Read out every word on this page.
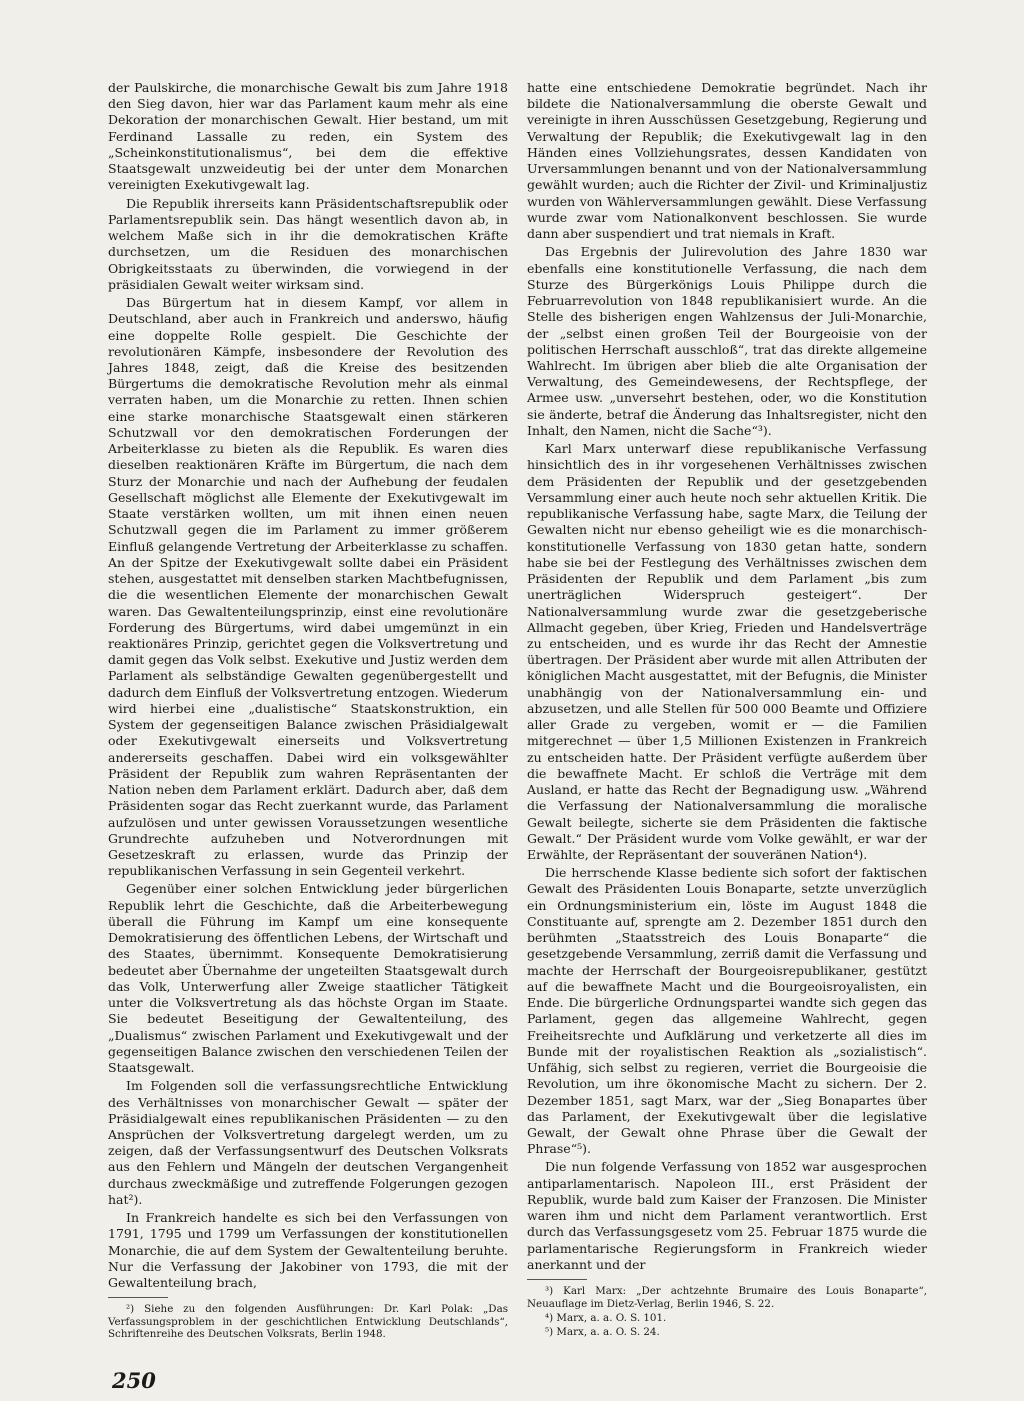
der Paulskirche, die monarchische Gewalt bis zum Jahre 1918 den Sieg davon, hier war das Parlament kaum mehr als eine Dekoration der monarchischen Gewalt. Hier bestand, um mit Ferdinand Lassalle zu reden, ein System des „Scheinkonstitutionalismus“, bei dem die effektive Staatsgewalt unzweideutig bei der unter dem Monarchen vereinigten Exekutivgewalt lag.

Die Republik ihrerseits kann Präsidentschaftsrepublik oder Parlamentsrepublik sein. Das hängt wesentlich davon ab, in welchem Maße sich in ihr die demokratischen Kräfte durchsetzen, um die Residuen des monarchischen Obrigkeitsstaats zu überwinden, die vorwiegend in der präsidialen Gewalt weiter wirksam sind.

Das Bürgertum hat in diesem Kampf, vor allem in Deutschland, aber auch in Frankreich und anderswo, häufig eine doppelte Rolle gespielt. Die Geschichte der revolutionären Kämpfe, insbesondere der Revolution des Jahres 1848, zeigt, daß die Kreise des besitzenden Bürgertums die demokratische Revolution mehr als einmal verraten haben, um die Monarchie zu retten. Ihnen schien eine starke monarchische Staatsgewalt einen stärkeren Schutzwall vor den demokratischen Forderungen der Arbeiterklasse zu bieten als die Republik. Es waren dies dieselben reaktionären Kräfte im Bürgertum, die nach dem Sturz der Monarchie und nach der Aufhebung der feudalen Gesellschaft möglichst alle Elemente der Exekutivgewalt im Staate verstärken wollten, um mit ihnen einen neuen Schutzwall gegen die im Parlament zu immer größerem Einfluß gelangende Vertretung der Arbeiterklasse zu schaffen. An der Spitze der Exekutivgewalt sollte dabei ein Präsident stehen, ausgestattet mit denselben starken Machtbefugnissen, die die wesentlichen Elemente der monarchischen Gewalt waren. Das Gewaltenteilungsprinzip, einst eine revolutionäre Forderung des Bürgertums, wird dabei umgemünzt in ein reaktionäres Prinzip, gerichtet gegen die Volksvertretung und damit gegen das Volk selbst. Exekutive und Justiz werden dem Parlament als selbständige Gewalten gegenübergestellt und dadurch dem Einfluß der Volksvertretung entzogen. Wiederum wird hierbei eine „dualistische“ Staatskonstruktion, ein System der gegenseitigen Balance zwischen Präsidialgewalt oder Exekutivgewalt einerseits und Volksvertretung andererseits geschaffen. Dabei wird ein volksgewählter Präsident der Republik zum wahren Repräsentanten der Nation neben dem Parlament erklärt. Dadurch aber, daß dem Präsidenten sogar das Recht zuerkannt wurde, das Parlament aufzulösen und unter gewissen Voraussetzungen wesentliche Grundrechte aufzuheben und Notverordnungen mit Gesetzeskraft zu erlassen, wurde das Prinzip der republikanischen Verfassung in sein Gegenteil verkehrt.

Gegenüber einer solchen Entwicklung jeder bürgerlichen Republik lehrt die Geschichte, daß die Arbeiterbewegung überall die Führung im Kampf um eine konsequente Demokratisierung des öffentlichen Lebens, der Wirtschaft und des Staates, übernimmt. Konsequente Demokratisierung bedeutet aber Übernahme der ungeteilten Staatsgewalt durch das Volk, Unterwerfung aller Zweige staatlicher Tätigkeit unter die Volksvertretung als das höchste Organ im Staate. Sie bedeutet Beseitigung der Gewaltenteilung, des „Dualismus“ zwischen Parlament und Exekutivgewalt und der gegenseitigen Balance zwischen den verschiedenen Teilen der Staatsgewalt.

Im Folgenden soll die verfassungsrechtliche Entwicklung des Verhältnisses von monarchischer Gewalt — später der Präsidialgewalt eines republikanischen Präsidenten — zu den Ansprüchen der Volksvertretung dargelegt werden, um zu zeigen, daß der Verfassungsentwurf des Deutschen Volksrats aus den Fehlern und Mängeln der deutschen Vergangenheit durchaus zweckmäßige und zutreffende Folgerungen gezogen hat²).

In Frankreich handelte es sich bei den Verfassungen von 1791, 1795 und 1799 um Verfassungen der konstitutionellen Monarchie, die auf dem System der Gewaltenteilung beruhte. Nur die Verfassung der Jakobiner von 1793, die mit der Gewaltenteilung brach,

²) Siehe zu den folgenden Ausführungen: Dr. Karl Polak: „Das Verfassungsproblem in der geschichtlichen Entwicklung Deutschlands“, Schriftenreihe des Deutschen Volksrats, Berlin 1948.

hatte eine entschiedene Demokratie begründet. Nach ihr bildete die Nationalversammlung die oberste Gewalt und vereinigte in ihren Ausschüssen Gesetzgebung, Regierung und Verwaltung der Republik; die Exekutivgewalt lag in den Händen eines Vollziehungsrates, dessen Kandidaten von Urversammlungen benannt und von der Nationalversammlung gewählt wurden; auch die Richter der Zivil- und Kriminaljustiz wurden von Wählerversammlungen gewählt. Diese Verfassung wurde zwar vom Nationalkonvent beschlossen. Sie wurde dann aber suspendiert und trat niemals in Kraft.

Das Ergebnis der Julirevolution des Jahre 1830 war ebenfalls eine konstitutionelle Verfassung, die nach dem Sturze des Bürgerkönigs Louis Philippe durch die Februarrevolution von 1848 republikanisiert wurde. An die Stelle des bisherigen engen Wahlzensus der Juli-Monarchie, der „selbst einen großen Teil der Bourgeoisie von der politischen Herrschaft ausschloß“, trat das direkte allgemeine Wahlrecht. Im übrigen aber blieb die alte Organisation der Verwaltung, des Gemeindewesens, der Rechtspflege, der Armee usw. „unversehrt bestehen, oder, wo die Konstitution sie änderte, betraf die Änderung das Inhaltsregister, nicht den Inhalt, den Namen, nicht die Sache“³).

Karl Marx unterwarf diese republikanische Verfassung hinsichtlich des in ihr vorgesehenen Verhältnisses zwischen dem Präsidenten der Republik und der gesetzgebenden Versammlung einer auch heute noch sehr aktuellen Kritik. Die republikanische Verfassung habe, sagte Marx, die Teilung der Gewalten nicht nur ebenso geheiligt wie es die monarchisch-konstitutionelle Verfassung von 1830 getan hatte, sondern habe sie bei der Festlegung des Verhältnisses zwischen dem Präsidenten der Republik und dem Parlament „bis zum unerträglichen Widerspruch gesteigert“. Der Nationalversammlung wurde zwar die gesetzgeberische Allmacht gegeben, über Krieg, Frieden und Handelsverträge zu entscheiden, und es wurde ihr das Recht der Amnestie übertragen. Der Präsident aber wurde mit allen Attributen der königlichen Macht ausgestattet, mit der Befugnis, die Minister unabhängig von der Nationalversammlung ein- und abzusetzen, und alle Stellen für 500 000 Beamte und Offiziere aller Grade zu vergeben, womit er — die Familien mitgerechnet — über 1,5 Millionen Existenzen in Frankreich zu entscheiden hatte. Der Präsident verfügte außerdem über die bewaffnete Macht. Er schloß die Verträge mit dem Ausland, er hatte das Recht der Begnadigung usw. „Während die Verfassung der Nationalversammlung die moralische Gewalt beilegte, sicherte sie dem Präsidenten die faktische Gewalt.“ Der Präsident wurde vom Volke gewählt, er war der Erwählte, der Repräsentant der souveränen Nation⁴).

Die herrschende Klasse bediente sich sofort der faktischen Gewalt des Präsidenten Louis Bonaparte, setzte unverzüglich ein Ordnungsministerium ein, löste im August 1848 die Constituante auf, sprengte am 2. Dezember 1851 durch den berühmten „Staatsstreich des Louis Bonaparte“ die gesetzgebende Versammlung, zerriß damit die Verfassung und machte der Herrschaft der Bourgeoisrepublikaner, gestützt auf die bewaffnete Macht und die Bourgeoisroyalisten, ein Ende. Die bürgerliche Ordnungspartei wandte sich gegen das Parlament, gegen das allgemeine Wahlrecht, gegen Freiheitsrechte und Aufklärung und verketzerte all dies im Bunde mit der royalistischen Reaktion als „sozialistisch“. Unfähig, sich selbst zu regieren, verriet die Bourgeoisie die Revolution, um ihre ökonomische Macht zu sichern. Der 2. Dezember 1851, sagt Marx, war der „Sieg Bonapartes über das Parlament, der Exekutivgewalt über die legislative Gewalt, der Gewalt ohne Phrase über die Gewalt der Phrase“⁵).

Die nun folgende Verfassung von 1852 war ausgesprochen antiparlamentarisch. Napoleon III., erst Präsident der Republik, wurde bald zum Kaiser der Franzosen. Die Minister waren ihm und nicht dem Parlament verantwortlich. Erst durch das Verfassungsgesetz vom 25. Februar 1875 wurde die parlamentarische Regierungsform in Frankreich wieder anerkannt und der

³) Karl Marx: „Der achtzehnte Brumaire des Louis Bonaparte“, Neuauflage im Dietz-Verlag, Berlin 1946, S. 22.

⁴) Marx, a. a. O. S. 101.

⁵) Marx, a. a. O. S. 24.

250
